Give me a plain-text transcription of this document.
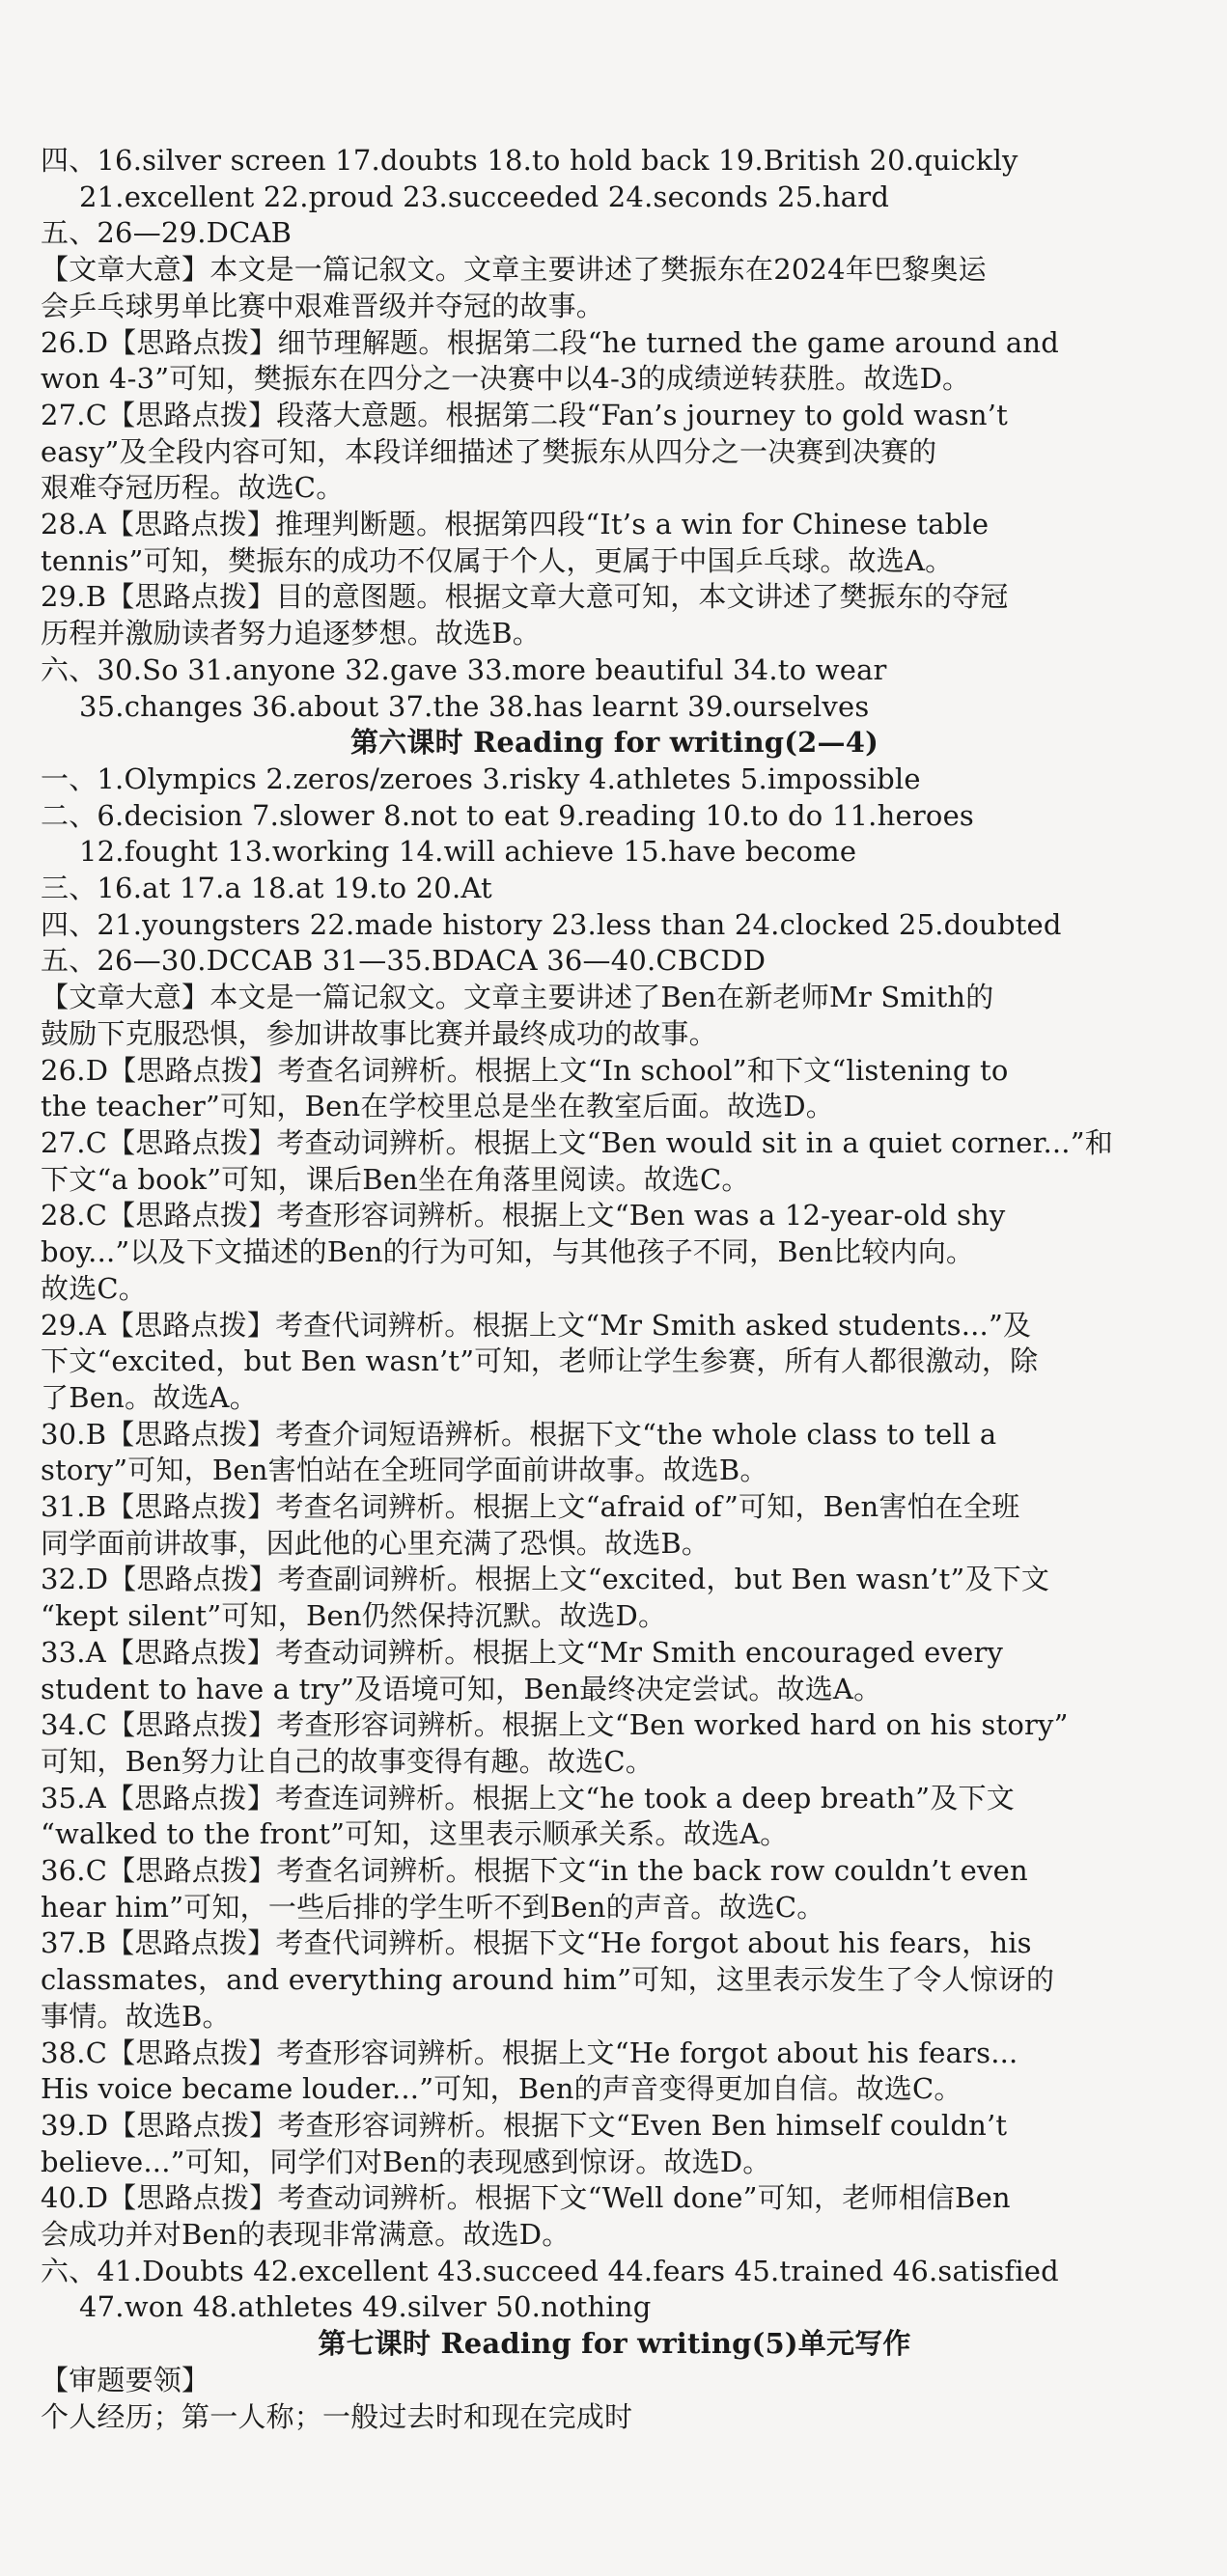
四、16.silver screen 17.doubts 18.to hold back 19.British 20.quickly
21.excellent 22.proud 23.succeeded 24.seconds 25.hard
五、26—29.DCAB
【文章大意】本文是一篇记叙文。文章主要讲述了樊振东在2024年巴黎奥运
会乒乓球男单比赛中艰难晋级并夺冠的故事。
26.D【思路点拨】细节理解题。根据第二段“he turned the game around and
won 4-3”可知，樊振东在四分之一决赛中以4-3的成绩逆转获胜。故选D。
27.C【思路点拨】段落大意题。根据第二段“Fan’s journey to gold wasn’t
easy”及全段内容可知，本段详细描述了樊振东从四分之一决赛到决赛的
艰难夺冠历程。故选C。
28.A【思路点拨】推理判断题。根据第四段“It’s a win for Chinese table
tennis”可知，樊振东的成功不仅属于个人，更属于中国乒乓球。故选A。
29.B【思路点拨】目的意图题。根据文章大意可知，本文讲述了樊振东的夺冠
历程并激励读者努力追逐梦想。故选B。
六、30.So 31.anyone 32.gave 33.more beautiful 34.to wear
35.changes 36.about 37.the 38.has learnt 39.ourselves
第六课时 Reading for writing(2—4)
一、1.Olympics 2.zeros/zeroes 3.risky 4.athletes 5.impossible
二、6.decision 7.slower 8.not to eat 9.reading 10.to do 11.heroes
12.fought 13.working 14.will achieve 15.have become
三、16.at 17.a 18.at 19.to 20.At
四、21.youngsters 22.made history 23.less than 24.clocked 25.doubted
五、26—30.DCCAB 31—35.BDACA 36—40.CBCDD
【文章大意】本文是一篇记叙文。文章主要讲述了Ben在新老师Mr Smith的
鼓励下克服恐惧，参加讲故事比赛并最终成功的故事。
26.D【思路点拨】考查名词辨析。根据上文“In school”和下文“listening to
the teacher”可知，Ben在学校里总是坐在教室后面。故选D。
27.C【思路点拨】考查动词辨析。根据上文“Ben would sit in a quiet corner...”和
下文“a book”可知，课后Ben坐在角落里阅读。故选C。
28.C【思路点拨】考查形容词辨析。根据上文“Ben was a 12-year-old shy
boy...”以及下文描述的Ben的行为可知，与其他孩子不同，Ben比较内向。
故选C。
29.A【思路点拨】考查代词辨析。根据上文“Mr Smith asked students...”及
下文“excited，but Ben wasn’t”可知，老师让学生参赛，所有人都很激动，除
了Ben。故选A。
30.B【思路点拨】考查介词短语辨析。根据下文“the whole class to tell a
story”可知，Ben害怕站在全班同学面前讲故事。故选B。
31.B【思路点拨】考查名词辨析。根据上文“afraid of”可知，Ben害怕在全班
同学面前讲故事，因此他的心里充满了恐惧。故选B。
32.D【思路点拨】考查副词辨析。根据上文“excited，but Ben wasn’t”及下文
“kept silent”可知，Ben仍然保持沉默。故选D。
33.A【思路点拨】考查动词辨析。根据上文“Mr Smith encouraged every
student to have a try”及语境可知，Ben最终决定尝试。故选A。
34.C【思路点拨】考查形容词辨析。根据上文“Ben worked hard on his story”
可知，Ben努力让自己的故事变得有趣。故选C。
35.A【思路点拨】考查连词辨析。根据上文“he took a deep breath”及下文
“walked to the front”可知，这里表示顺承关系。故选A。
36.C【思路点拨】考查名词辨析。根据下文“in the back row couldn’t even
hear him”可知，一些后排的学生听不到Ben的声音。故选C。
37.B【思路点拨】考查代词辨析。根据下文“He forgot about his fears，his
classmates，and everything around him”可知，这里表示发生了令人惊讶的
事情。故选B。
38.C【思路点拨】考查形容词辨析。根据上文“He forgot about his fears...
His voice became louder...”可知，Ben的声音变得更加自信。故选C。
39.D【思路点拨】考查形容词辨析。根据下文“Even Ben himself couldn’t
believe...”可知，同学们对Ben的表现感到惊讶。故选D。
40.D【思路点拨】考查动词辨析。根据下文“Well done”可知，老师相信Ben
会成功并对Ben的表现非常满意。故选D。
六、41.Doubts 42.excellent 43.succeed 44.fears 45.trained 46.satisfied
47.won 48.athletes 49.silver 50.nothing
第七课时 Reading for writing(5)单元写作
【审题要领】
个人经历；第一人称；一般过去时和现在完成时
